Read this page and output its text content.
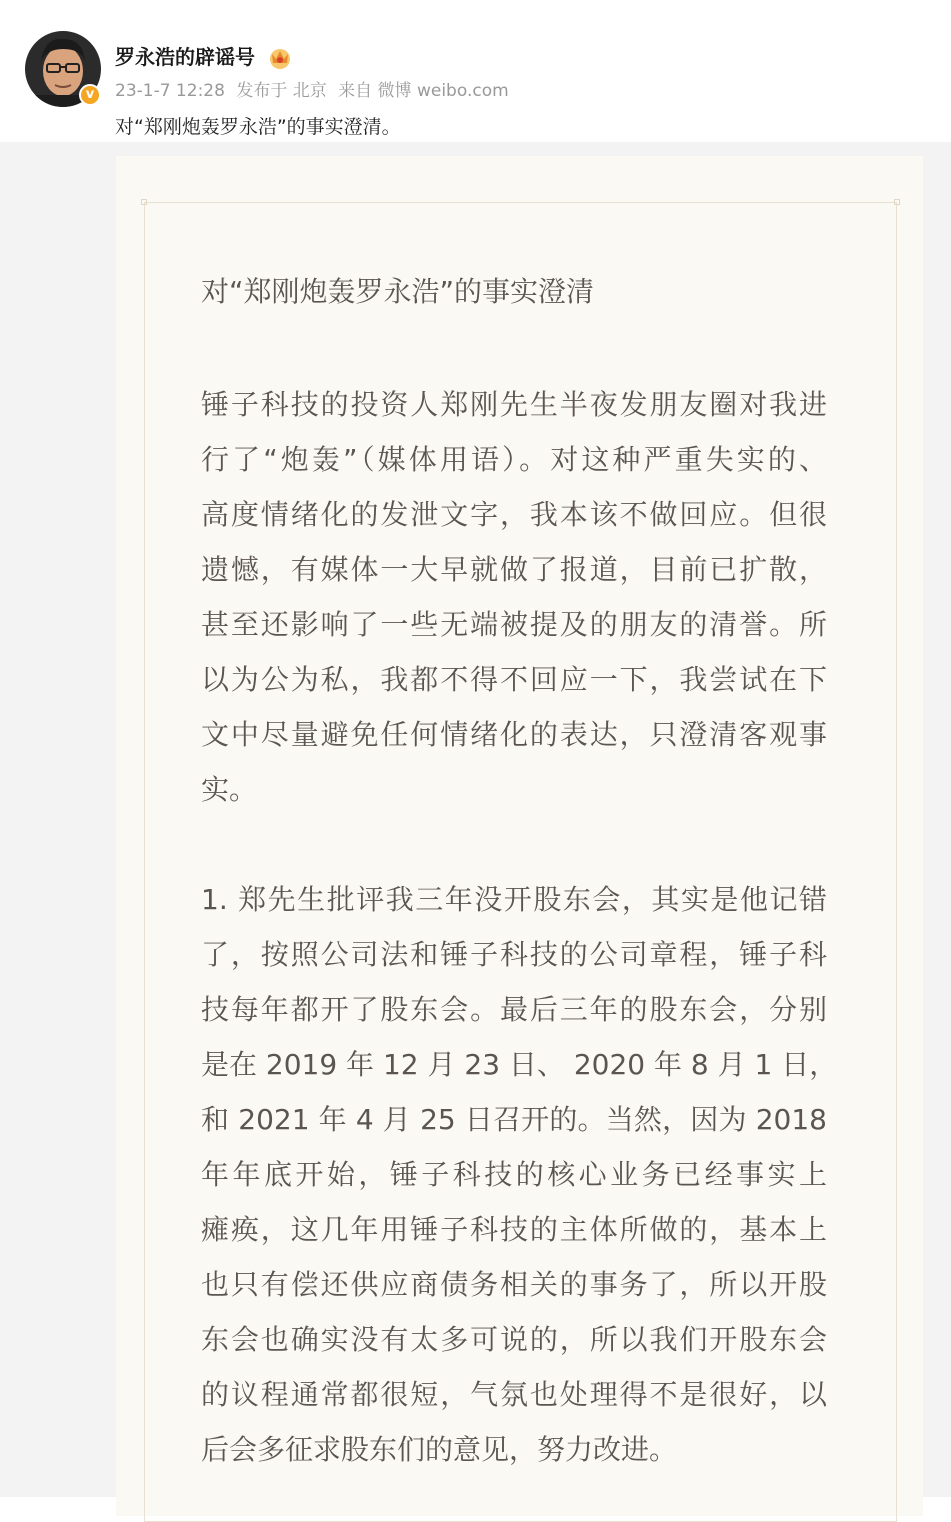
v
罗永浩的辟谣号
23-1-7 12:28 发布于 北京 来自 微博 weibo.com
对“郑刚炮轰罗永浩”的事实澄清。
对“郑刚炮轰罗永浩”的事实澄清
锤子科技的投资人郑刚先生半夜发朋友圈对我进
行了“炮轰”（媒体用语）。对这种严重失实的、
高度情绪化的发泄文字，我本该不做回应。但很
遗憾，有媒体一大早就做了报道，目前已扩散，
甚至还影响了一些无端被提及的朋友的清誉。所
以为公为私，我都不得不回应一下，我尝试在下
文中尽量避免任何情绪化的表达，只澄清客观事
实。
1. 郑先生批评我三年没开股东会，其实是他记错
了，按照公司法和锤子科技的公司章程，锤子科
技每年都开了股东会。最后三年的股东会，分别
是在 2019 年 12 月 23 日、 2020 年 8 月 1 日，
和 2021 年 4 月 25 日召开的。当然，因为 2018
年年底开始，锤子科技的核心业务已经事实上
瘫痪，这几年用锤子科技的主体所做的，基本上
也只有偿还供应商债务相关的事务了，所以开股
东会也确实没有太多可说的，所以我们开股东会
的议程通常都很短，气氛也处理得不是很好，以
后会多征求股东们的意见，努力改进。
